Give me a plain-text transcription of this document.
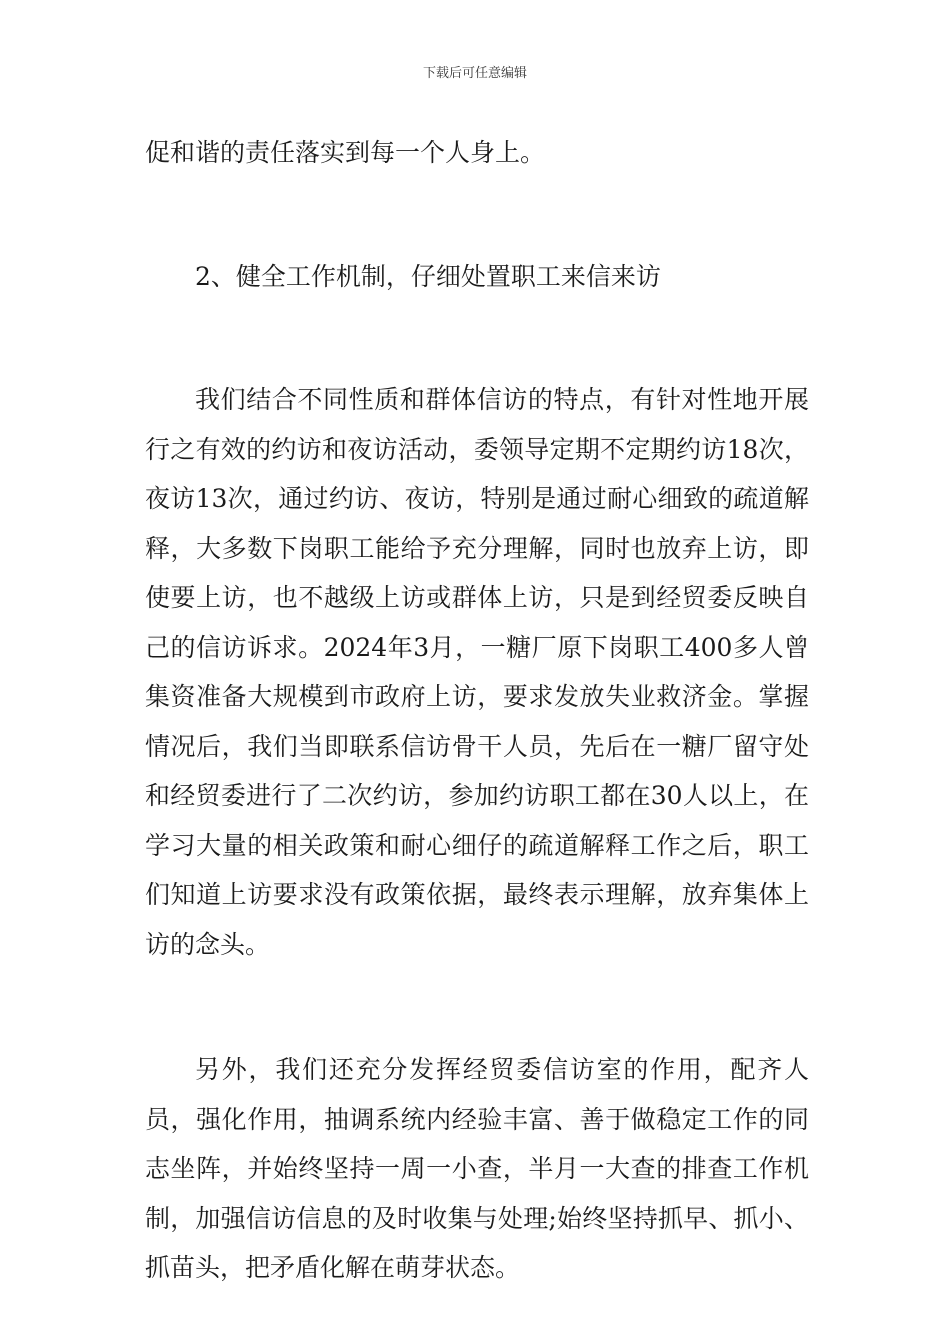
下载后可任意编辑

促和谐的责任落实到每一个人身上。

2、健全工作机制，仔细处置职工来信来访

我们结合不同性质和群体信访的特点，有针对性地开展行之有效的约访和夜访活动，委领导定期不定期约访18次，夜访13次，通过约访、夜访，特别是通过耐心细致的疏道解释，大多数下岗职工能给予充分理解，同时也放弃上访，即使要上访，也不越级上访或群体上访，只是到经贸委反映自己的信访诉求。2024年3月，一糖厂原下岗职工400多人曾集资准备大规模到市政府上访，要求发放失业救济金。掌握情况后，我们当即联系信访骨干人员，先后在一糖厂留守处和经贸委进行了二次约访，参加约访职工都在30人以上，在学习大量的相关政策和耐心细仔的疏道解释工作之后，职工们知道上访要求没有政策依据，最终表示理解，放弃集体上访的念头。

另外，我们还充分发挥经贸委信访室的作用，配齐人员，强化作用，抽调系统内经验丰富、善于做稳定工作的同志坐阵，并始终坚持一周一小查，半月一大查的排查工作机制，加强信访信息的及时收集与处理;始终坚持抓早、抓小、抓苗头，把矛盾化解在萌芽状态。
